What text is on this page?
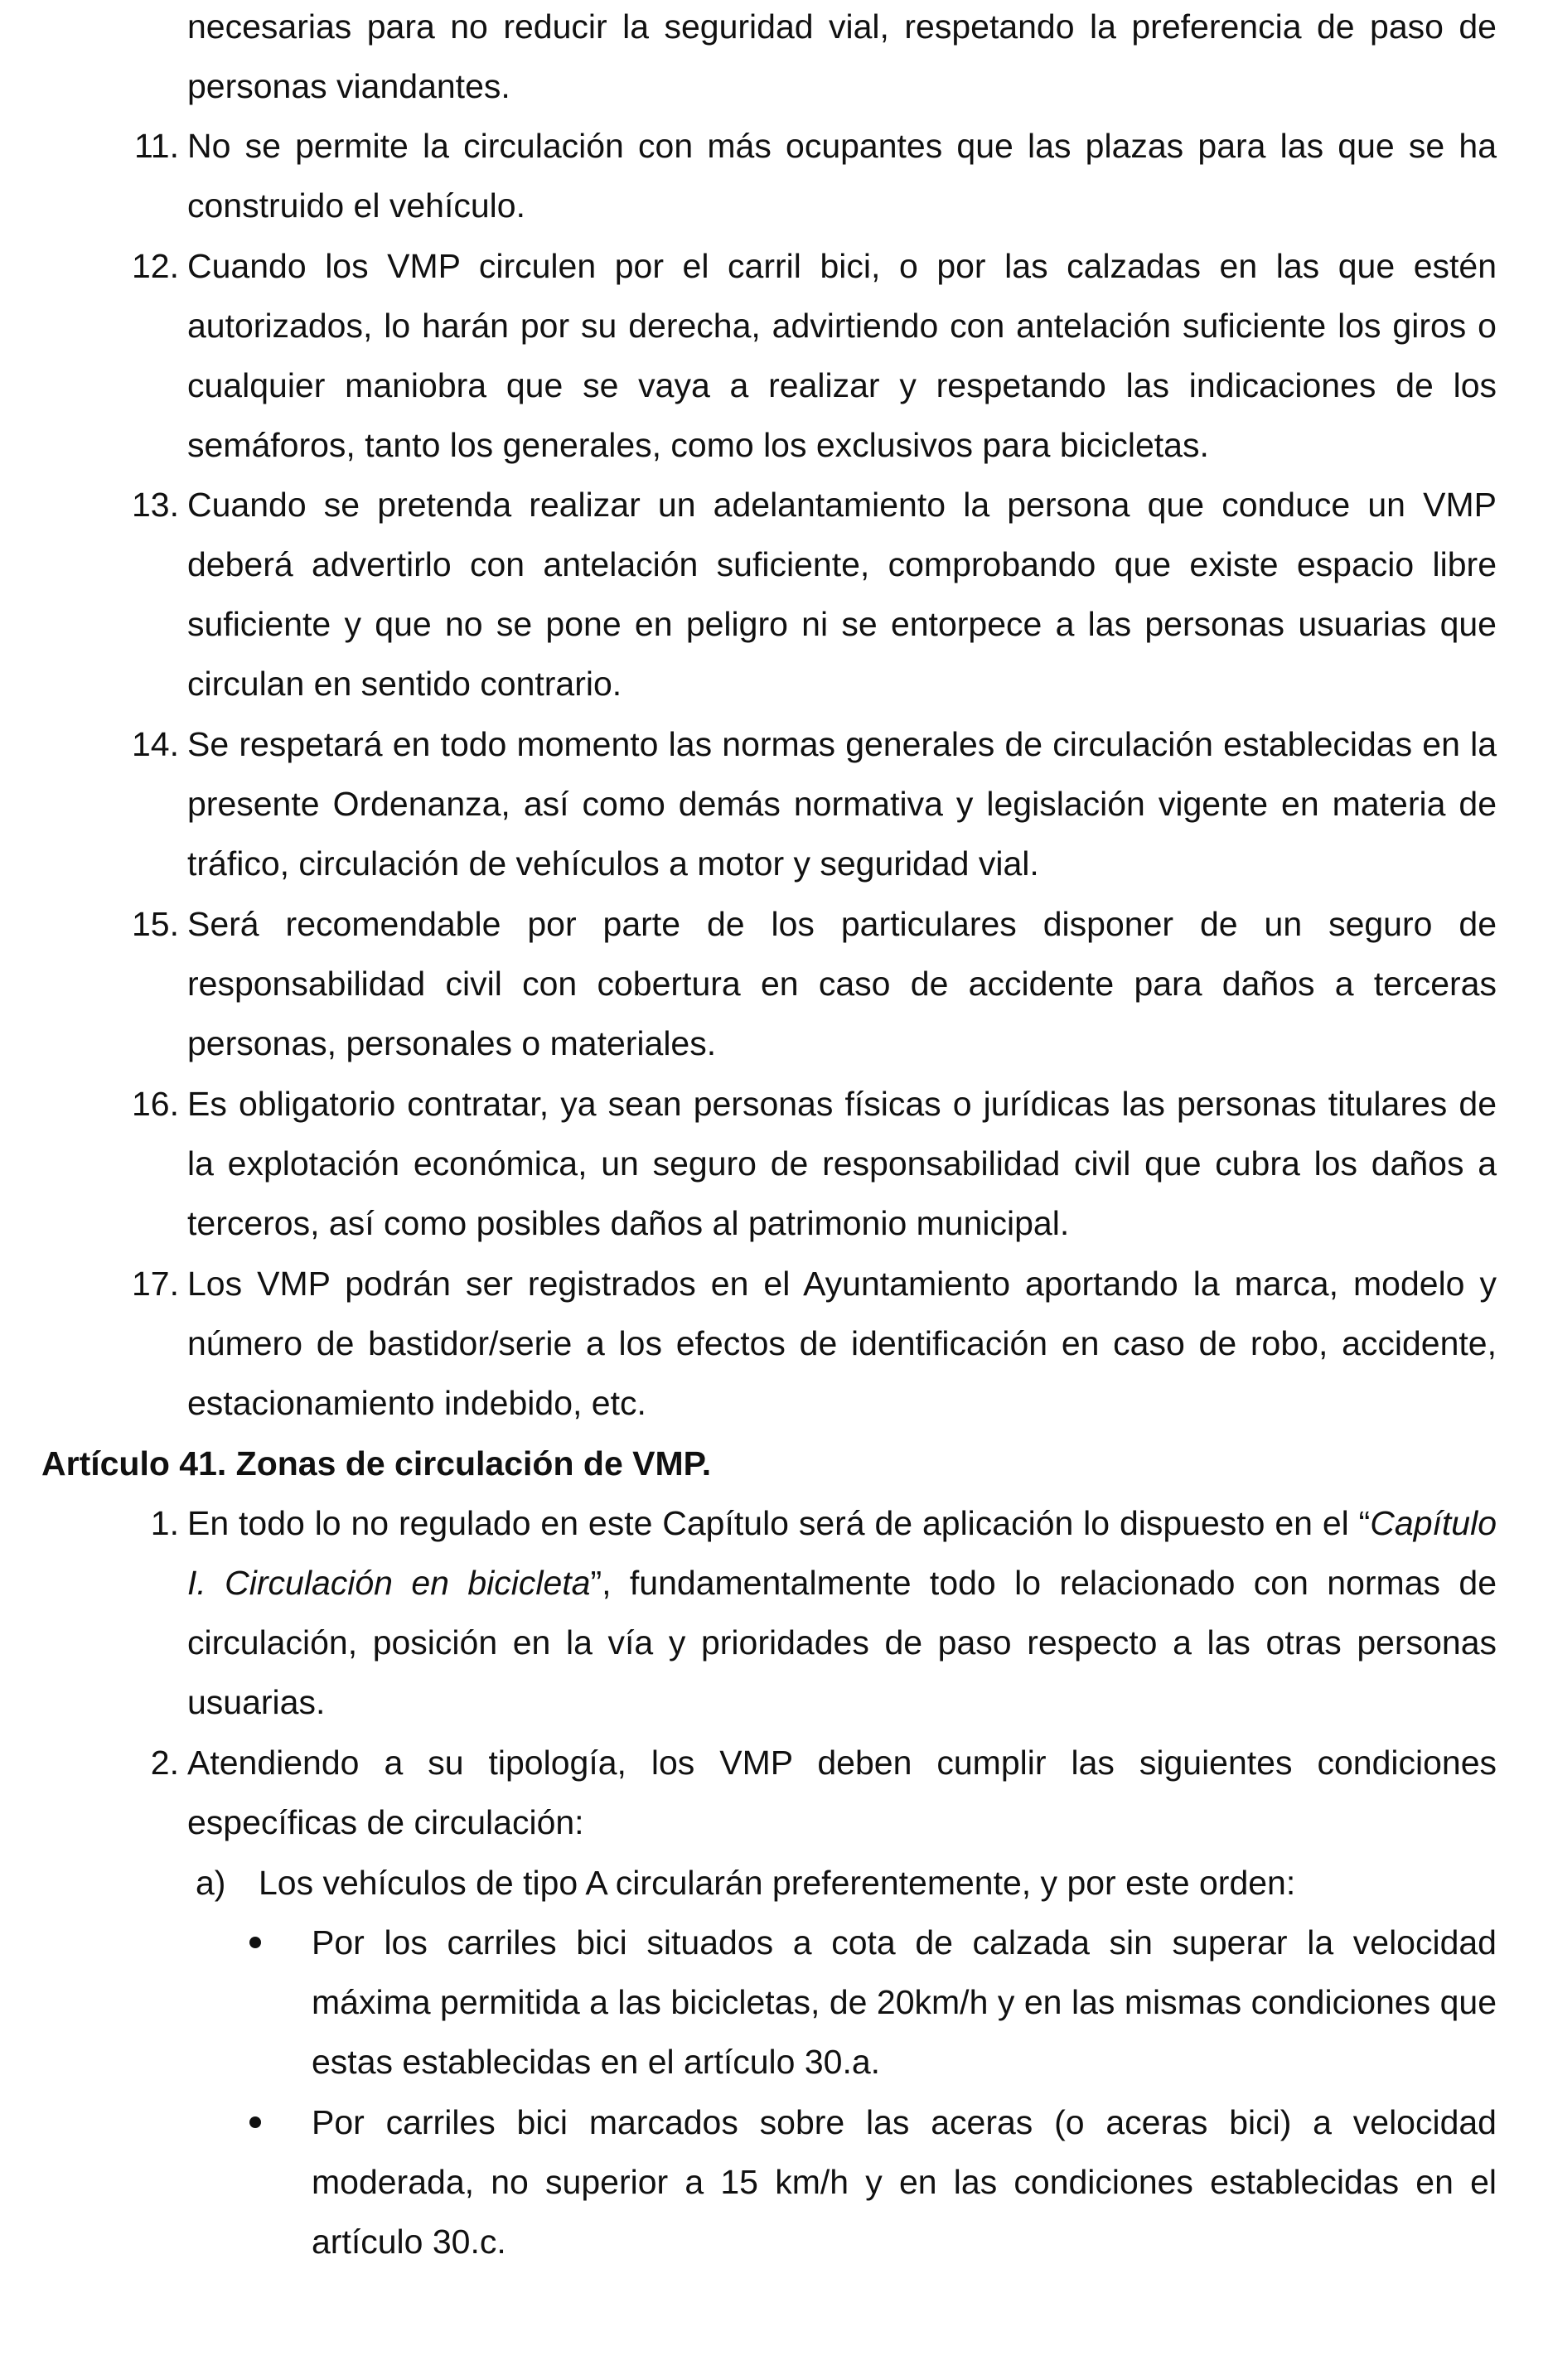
necesarias para no reducir la seguridad vial, respetando la preferencia de paso de personas viandantes.
11. No se permite la circulación con más ocupantes que las plazas para las que se ha construido el vehículo.
12. Cuando los VMP circulen por el carril bici, o por las calzadas en las que estén autorizados, lo harán por su derecha, advirtiendo con antelación suficiente los giros o cualquier maniobra que se vaya a realizar y respetando las indicaciones de los semáforos, tanto los generales, como los exclusivos para bicicletas.
13. Cuando se pretenda realizar un adelantamiento la persona que conduce un VMP deberá advertirlo con antelación suficiente, comprobando que existe espacio libre suficiente y que no se pone en peligro ni se entorpece a las personas usuarias que circulan en sentido contrario.
14. Se respetará en todo momento las normas generales de circulación establecidas en la presente Ordenanza, así como demás normativa y legislación vigente en materia de tráfico, circulación de vehículos a motor y seguridad vial.
15. Será recomendable por parte de los particulares disponer de un seguro de responsabilidad civil con cobertura en caso de accidente para daños a terceras personas, personales o materiales.
16. Es obligatorio contratar, ya sean personas físicas o jurídicas las personas titulares de la explotación económica, un seguro de responsabilidad civil que cubra los daños a terceros, así como posibles daños al patrimonio municipal.
17. Los VMP podrán ser registrados en el Ayuntamiento aportando la marca, modelo y número de bastidor/serie a los efectos de identificación en caso de robo, accidente, estacionamiento indebido, etc.
Artículo 41. Zonas de circulación de VMP.
1. En todo lo no regulado en este Capítulo será de aplicación lo dispuesto en el “Capítulo I. Circulación en bicicleta”, fundamentalmente todo lo relacionado con normas de circulación, posición en la vía y prioridades de paso respecto a las otras personas usuarias.
2. Atendiendo a su tipología, los VMP deben cumplir las siguientes condiciones específicas de circulación:
a) Los vehículos de tipo A circularán preferentemente, y por este orden:
Por los carriles bici situados a cota de calzada sin superar la velocidad máxima permitida a las bicicletas, de 20km/h y en las mismas condiciones que estas establecidas en el artículo 30.a.
Por carriles bici marcados sobre las aceras (o aceras bici) a velocidad moderada, no superior a 15 km/h y en las condiciones establecidas en el artículo 30.c.
